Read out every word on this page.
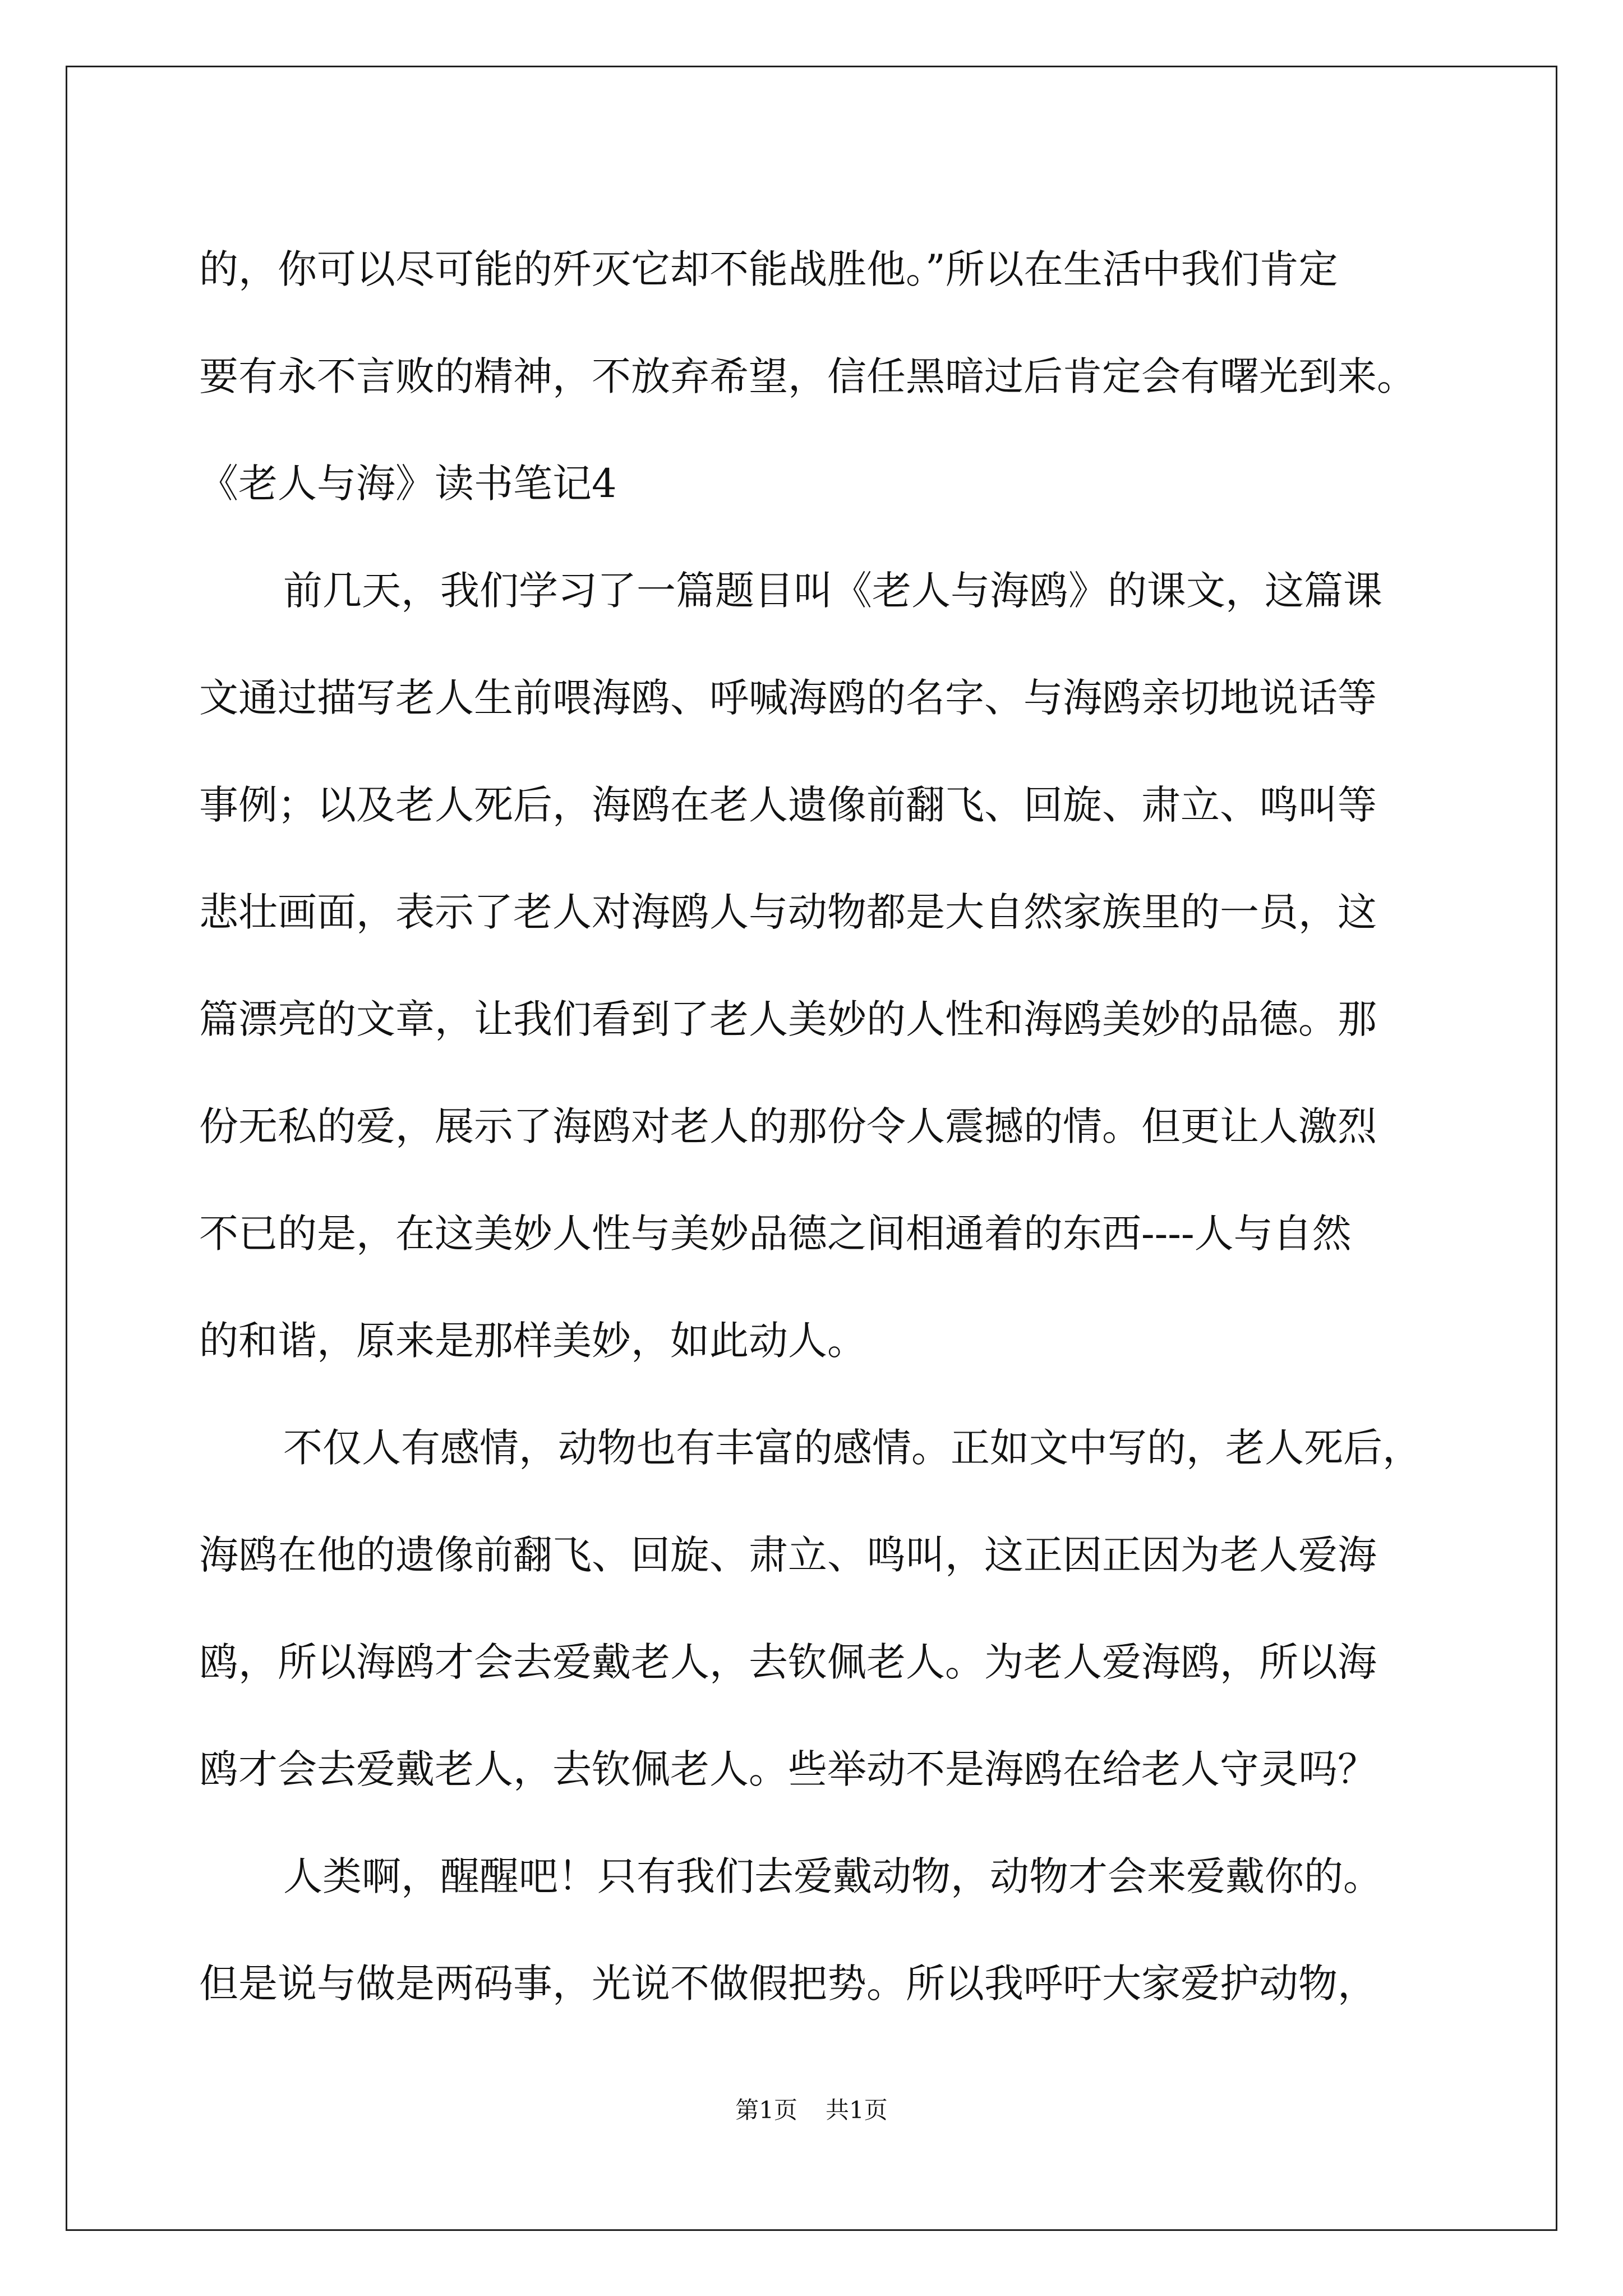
的，你可以尽可能的歼灭它却不能战胜他。”所以在生活中我们肯定
要有永不言败的精神，不放弃希望，信任黑暗过后肯定会有曙光到来。
《老人与海》读书笔记4
前几天，我们学习了一篇题目叫《老人与海鸥》的课文，这篇课
文通过描写老人生前喂海鸥、呼喊海鸥的名字、与海鸥亲切地说话等
事例；以及老人死后，海鸥在老人遗像前翻飞、回旋、肃立、鸣叫等
悲壮画面，表示了老人对海鸥人与动物都是大自然家族里的一员，这
篇漂亮的文章，让我们看到了老人美妙的人性和海鸥美妙的品德。那
份无私的爱，展示了海鸥对老人的那份令人震撼的情。但更让人激烈
不已的是，在这美妙人性与美妙品德之间相通着的东西----人与自然
的和谐，原来是那样美妙，如此动人。
不仅人有感情，动物也有丰富的感情。正如文中写的，老人死后，
海鸥在他的遗像前翻飞、回旋、肃立、鸣叫，这正因正因为老人爱海
鸥，所以海鸥才会去爱戴老人，去钦佩老人。为老人爱海鸥，所以海
鸥才会去爱戴老人，去钦佩老人。些举动不是海鸥在给老人守灵吗？
人类啊，醒醒吧！只有我们去爱戴动物，动物才会来爱戴你的。
但是说与做是两码事，光说不做假把势。所以我呼吁大家爱护动物，
第1页 共1页
